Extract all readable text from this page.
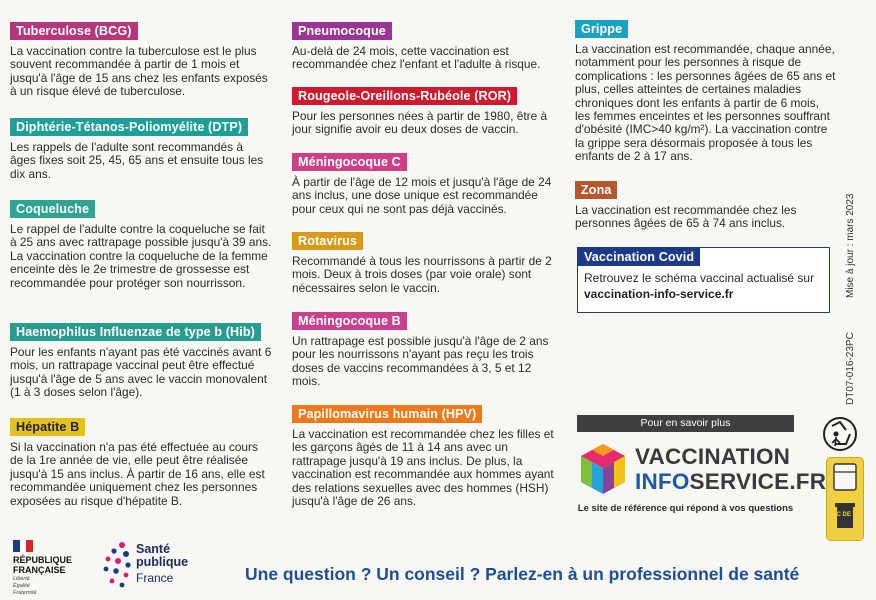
Tuberculose (BCG)
La vaccination contre la tuberculose est le plus souvent recommandée à partir de 1 mois et jusqu'à l'âge de 15 ans chez les enfants exposés à un risque élevé de tuberculose.
Diphtérie-Tétanos-Poliomyélite (DTP)
Les rappels de l'adulte sont recommandés à âges fixes soit 25, 45, 65 ans et ensuite tous les dix ans.
Coqueluche
Le rappel de l'adulte contre la coqueluche se fait à 25 ans avec rattrapage possible jusqu'à 39 ans. La vaccination contre la coqueluche de la femme enceinte dès le 2e trimestre de grossesse est recommandée pour protéger son nourrisson.
Haemophilus Influenzae de type b (Hib)
Pour les enfants n'ayant pas été vaccinés avant 6 mois, un rattrapage vaccinal peut être effectué jusqu'à l'âge de 5 ans avec le vaccin monovalent (1 à 3 doses selon l'âge).
Hépatite B
Si la vaccination n'a pas été effectuée au cours de la 1re année de vie, elle peut être réalisée jusqu'à 15 ans inclus. À partir de 16 ans, elle est recommandée uniquement chez les personnes exposées au risque d'hépatite B.
Pneumocoque
Au-delà de 24 mois, cette vaccination est recommandée chez l'enfant et l'adulte à risque.
Rougeole-Oreillons-Rubéole (ROR)
Pour les personnes nées à partir de 1980, être à jour signifie avoir eu deux doses de vaccin.
Méningocoque C
À partir de l'âge de 12 mois et jusqu'à l'âge de 24 ans inclus, une dose unique est recommandée pour ceux qui ne sont pas déjà vaccinés.
Rotavirus
Recommandé à tous les nourrissons à partir de 2 mois. Deux à trois doses (par voie orale) sont nécessaires selon le vaccin.
Méningocoque B
Un rattrapage est possible jusqu'à l'âge de 2 ans pour les nourrissons n'ayant pas reçu les trois doses de vaccins recommandées à 3, 5 et 12 mois.
Papillomavirus humain (HPV)
La vaccination est recommandée chez les filles et les garçons âgés de 11 à 14 ans avec un rattrapage jusqu'à 19 ans inclus. De plus, la vaccination est recommandée aux hommes ayant des relations sexuelles avec des hommes (HSH) jusqu'à l'âge de 26 ans.
Grippe
La vaccination est recommandée, chaque année, notamment pour les personnes à risque de complications : les personnes âgées de 65 ans et plus, celles atteintes de certaines maladies chroniques dont les enfants à partir de 6 mois, les femmes enceintes et les personnes souffrant d'obésité (IMC>40 kg/m²). La vaccination contre la grippe sera désormais proposée à tous les enfants de 2 à 17 ans.
Zona
La vaccination est recommandée chez les personnes âgées de 65 à 74 ans inclus.
Vaccination Covid
Retrouvez le schéma vaccinal actualisé sur
vaccination-info-service.fr
Pour en savoir plus
VACCINATION
INFOSERVICE.FR
Le site de référence qui répond à vos questions
Mise à jour : mars 2023
DT07-016-23PC
BAC DE TRI
RÉPUBLIQUE
FRANÇAISE
Liberté
Égalité
Fraternité
Santé
publique
France	Une question ? Un conseil ? Parlez-en à un professionnel de santé
